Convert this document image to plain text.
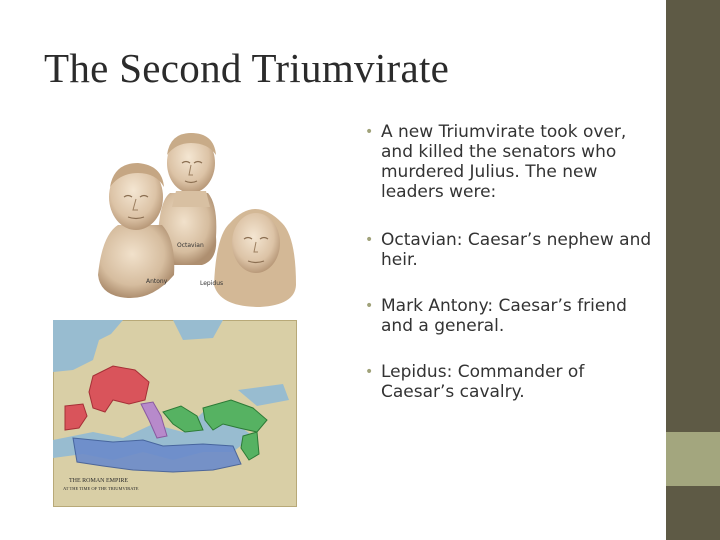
The Second Triumvirate
Octavian
Antony	Lepidus
THE ROMAN EMPIRE
AT THE TIME OF THE TRIUMVIRATE
• A new Triumvirate took over, and killed the senators who murdered Julius. The new leaders were:
• Octavian: Caesar’s nephew and heir.
• Mark Antony: Caesar’s friend and a general.
• Lepidus: Commander of Caesar’s cavalry.
